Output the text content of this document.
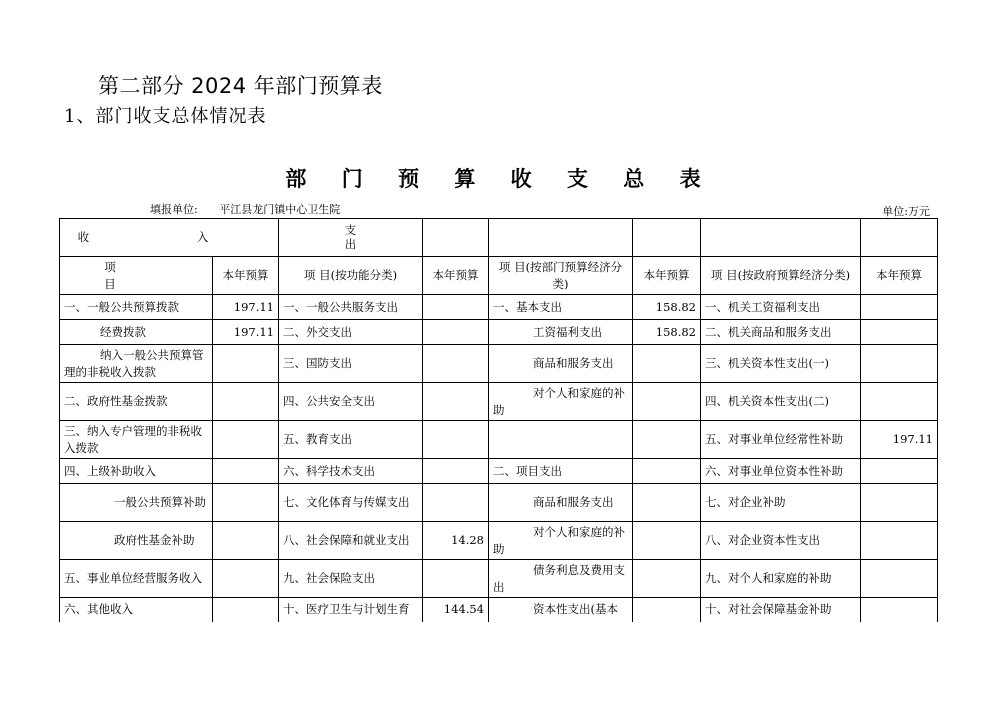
第二部分 2024 年部门预算表
1、部门收支总体情况表
部 门 预 算 收 支 总 表
填报单位: 平江县龙门镇中心卫生院	单位:万元
收 入		支
出					

项 目	本年预算	项 目(按功能分类)	本年预算	项 目(按部门预算经济分类)	本年预算	项 目(按政府预算经济分类)	本年预算
一、一般公共预算拨款	197.11	一、一般公共服务支出		一、基本支出	158.82	一、机关工资福利支出	
经费拨款	197.11	二、外交支出		工资福利支出	158.82	二、机关商品和服务支出	
纳入一般公共预算管理的非税收入拨款		三、国防支出		商品和服务支出		三、机关资本性支出(一)	
二、政府性基金拨款		四、公共安全支出		对个人和家庭的补助		四、机关资本性支出(二)	
三、纳入专户管理的非税收入拨款		五、教育支出				五、对事业单位经常性补助	197.11
四、上级补助收入		六、科学技术支出		二、项目支出		六、对事业单位资本性补助	
一般公共预算补助		七、文化体育与传媒支出		商品和服务支出		七、对企业补助	
政府性基金补助		八、社会保障和就业支出	14.28	对个人和家庭的补助		八、对企业资本性支出	
五、事业单位经营服务收入		九、社会保险支出		债务利息及费用支出		九、对个人和家庭的补助	
六、其他收入		十、医疗卫生与计划生育	144.54	资本性支出(基本		十、对社会保障基金补助	
